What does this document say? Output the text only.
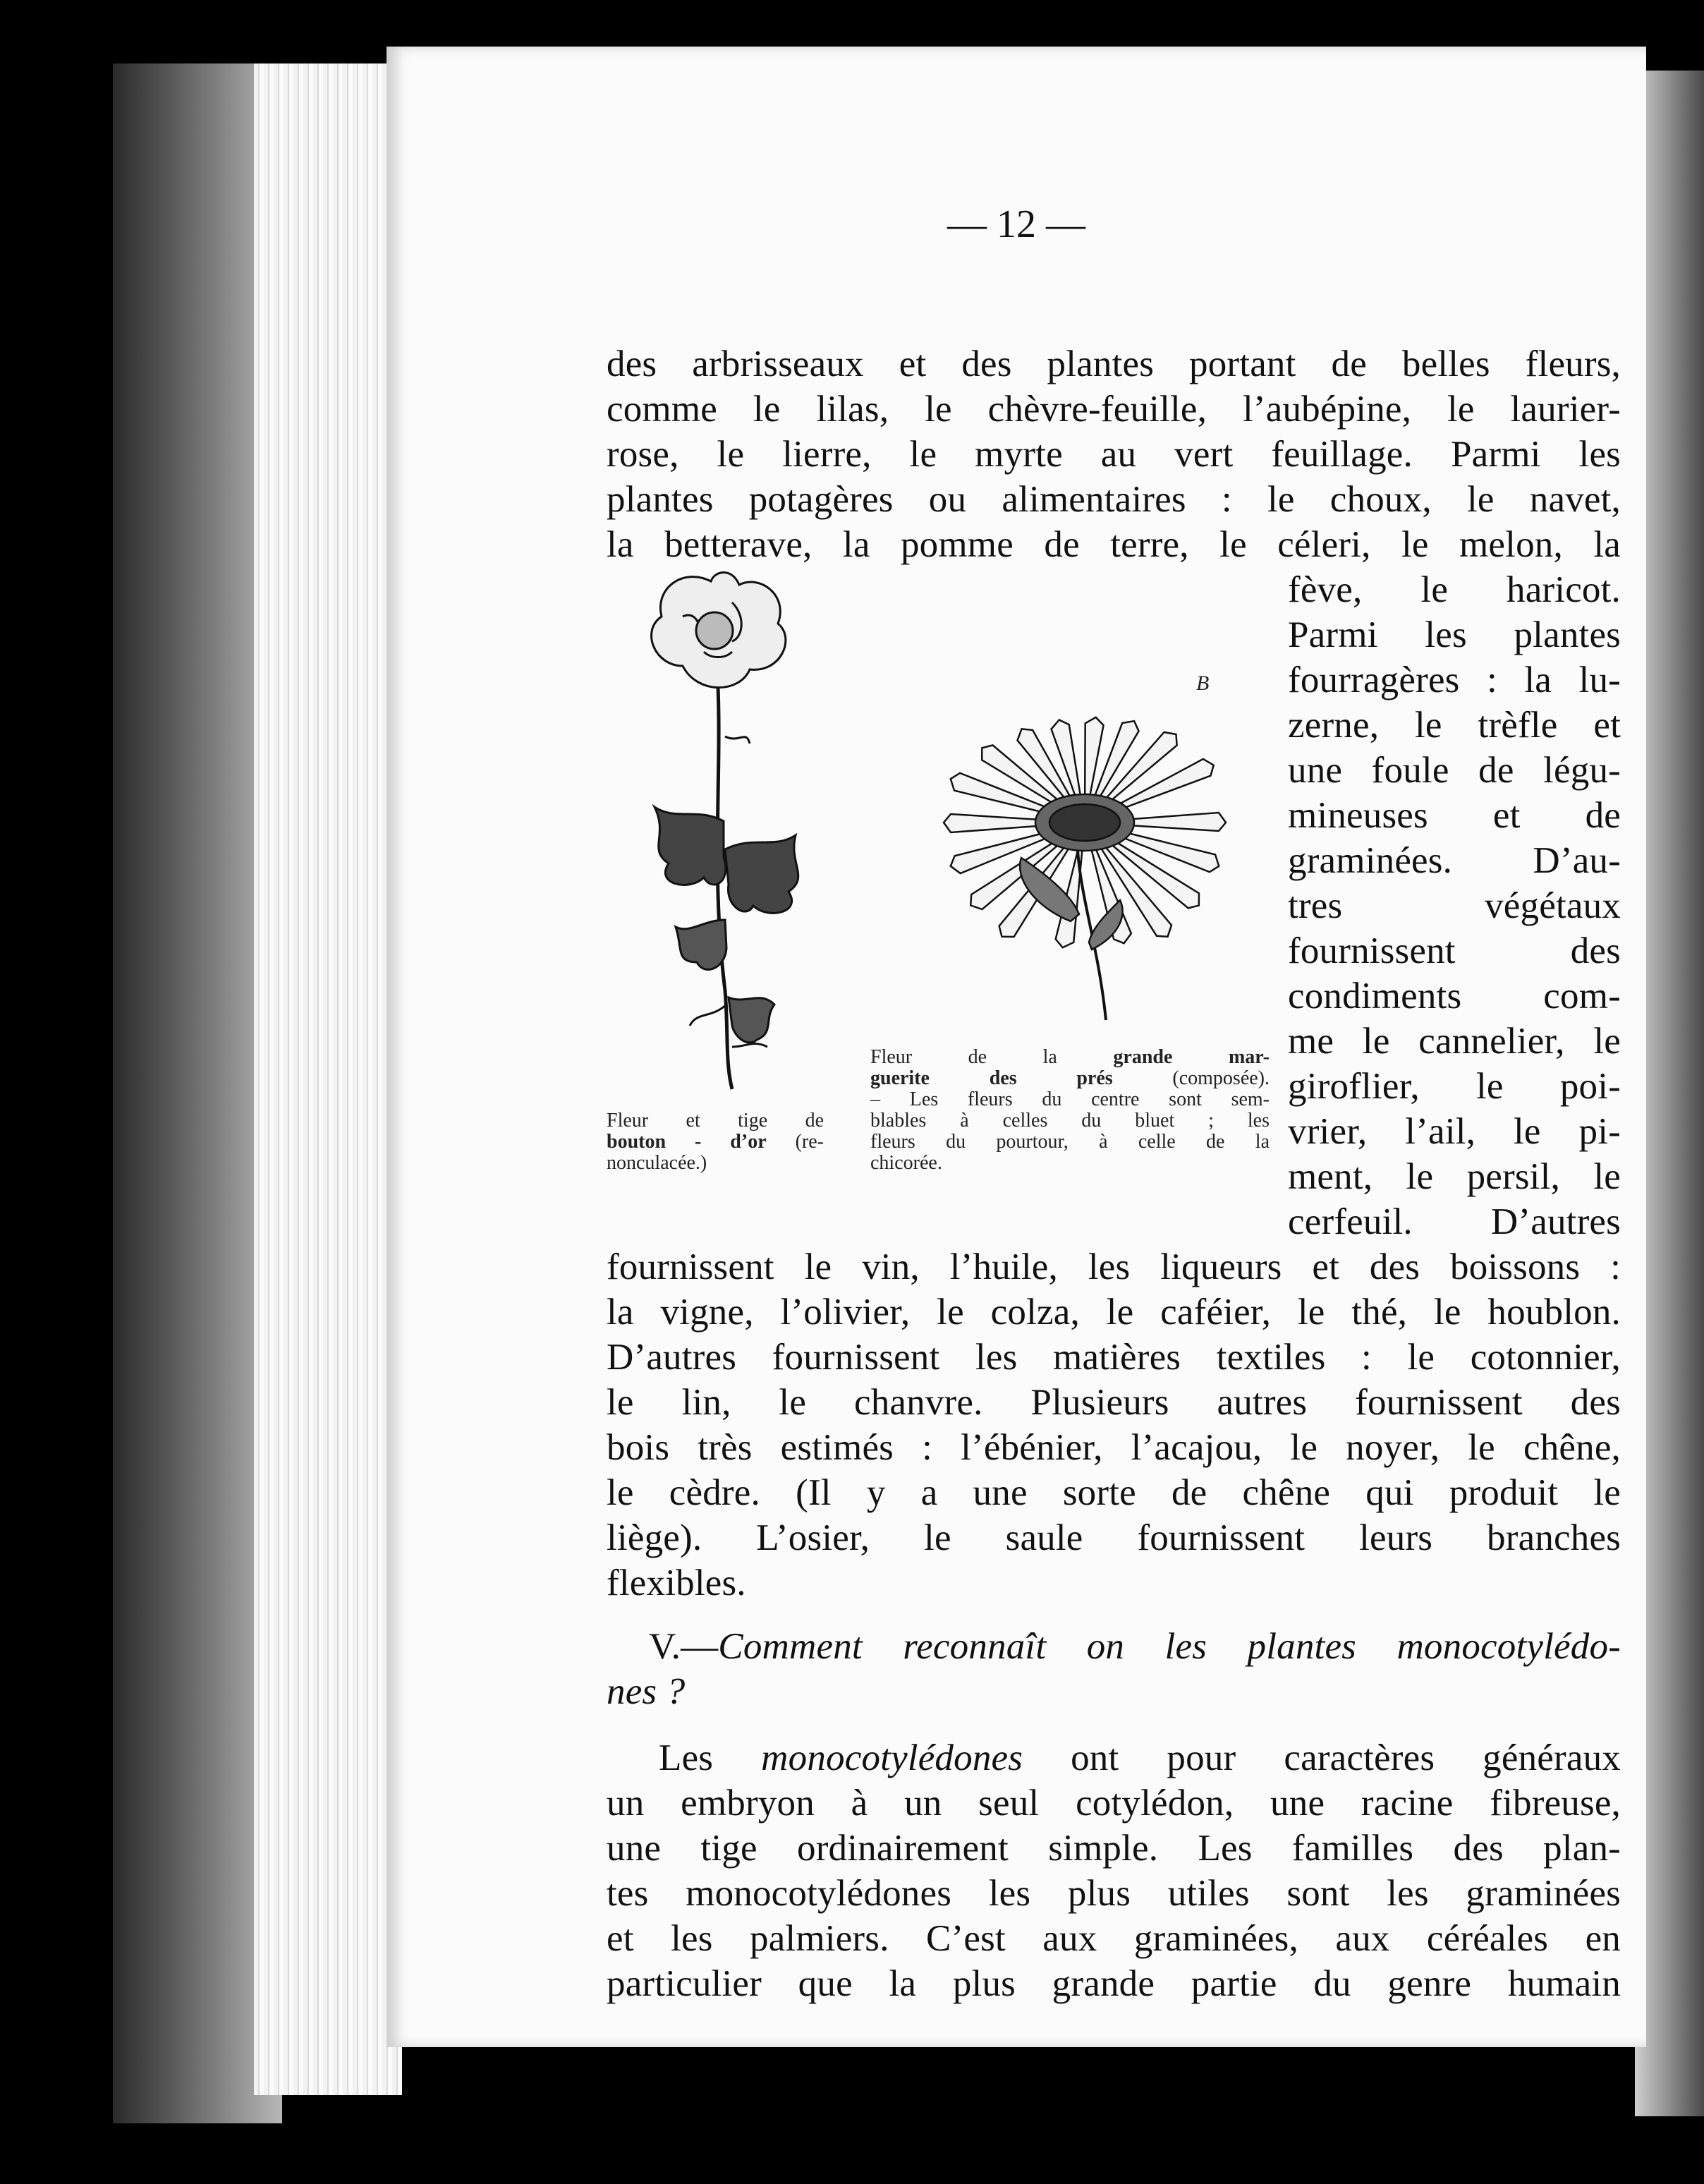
— 12 —
des arbrisseaux et des plantes portant de belles fleurs,
comme le lilas, le chèvre-feuille, l’aubépine, le laurier-
rose, le lierre, le myrte au vert feuillage. Parmi les
plantes potagères ou alimentaires : le choux, le navet,
la betterave, la pomme de terre, le céleri, le melon, la
fève, le haricot.
Parmi les plantes
fourragères : la lu-
zerne, le trèfle et
une foule de légu-
mineuses et de
graminées. D’au-
tres végétaux
fournissent des
condiments com-
me le cannelier, le
giroflier, le poi-
vrier, l’ail, le pi-
ment, le persil, le
cerfeuil. D’autres
B
Fleur et tige de
bouton - d’or (re-
nonculacée.)
Fleur de la grande mar-
guerite des prés (composée).
– Les fleurs du centre sont sem-
blables à celles du bluet ; les
fleurs du pourtour, à celle de la
chicorée.
fournissent le vin, l’huile, les liqueurs et des boissons :
la vigne, l’olivier, le colza, le caféier, le thé, le houblon.
D’autres fournissent les matières textiles : le cotonnier,
le lin, le chanvre. Plusieurs autres fournissent des
bois très estimés : l’ébénier, l’acajou, le noyer, le chêne,
le cèdre. (Il y a une sorte de chêne qui produit le
liège). L’osier, le saule fournissent leurs branches
flexibles.
V.—Comment reconnaît on les plantes monocotylédo-
nes ?
Les monocotylédones ont pour caractères généraux
un embryon à un seul cotylédon, une racine fibreuse,
une tige ordinairement simple. Les familles des plan-
tes monocotylédones les plus utiles sont les graminées
et les palmiers. C’est aux graminées, aux céréales en
particulier que la plus grande partie du genre humain
